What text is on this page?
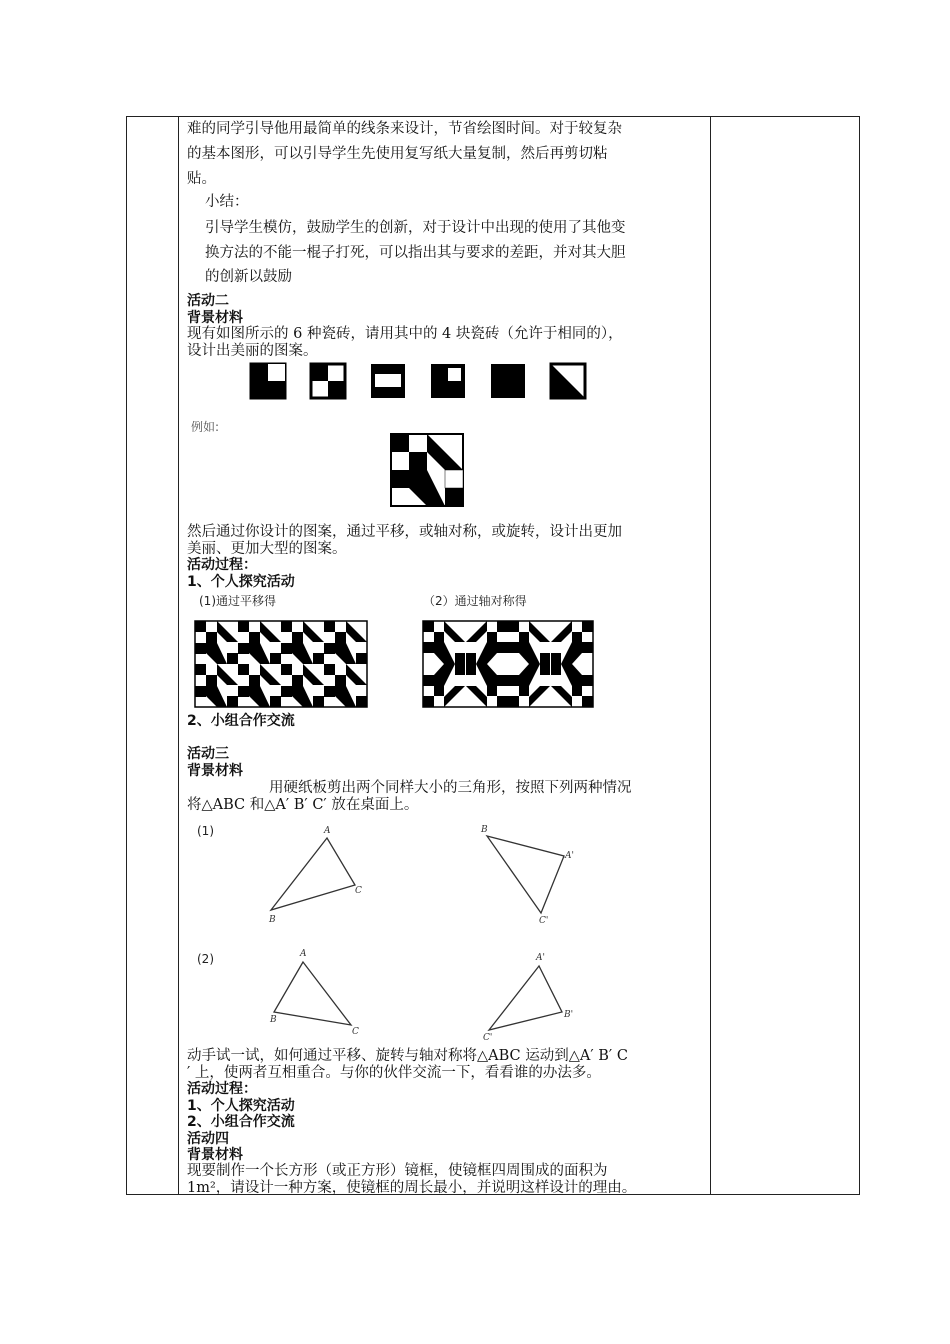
难的同学引导他用最简单的线条来设计，节省绘图时间。对于较复杂
的基本图形，可以引导学生先使用复写纸大量复制，然后再剪切粘
贴。
小结：
引导学生模仿，鼓励学生的创新，对于设计中出现的使用了其他变
换方法的不能一棍子打死，可以指出其与要求的差距，并对其大胆
的创新以鼓励
活动二
背景材料
现有如图所示的 6 种瓷砖，请用其中的 4 块瓷砖（允许于相同的），
设计出美丽的图案。
例如:
然后通过你设计的图案，通过平移，或轴对称，或旋转，设计出更加
美丽、更加大型的图案。
活动过程：
1、个人探究活动
(1)通过平移得	（2）通过轴对称得
2、小组合作交流
活动三
背景材料
用硬纸板剪出两个同样大小的三角形，按照下列两种情况
将△ABC 和△A′ B′ C′ 放在桌面上。
(1)	A
B
C
B
A'
C'
A
B
C
A'
C'
B'
(2)
动手试一试，如何通过平移、旋转与轴对称将△ABC 运动到△A′ B′ C
′ 上，使两者互相重合。与你的伙伴交流一下，看看谁的办法多。
活动过程：
1、个人探究活动
2、小组合作交流
活动四
背景材料
现要制作一个长方形（或正方形）镜框，使镜框四周围成的面积为
1m²，请设计一种方案，使镜框的周长最小，并说明这样设计的理由。
